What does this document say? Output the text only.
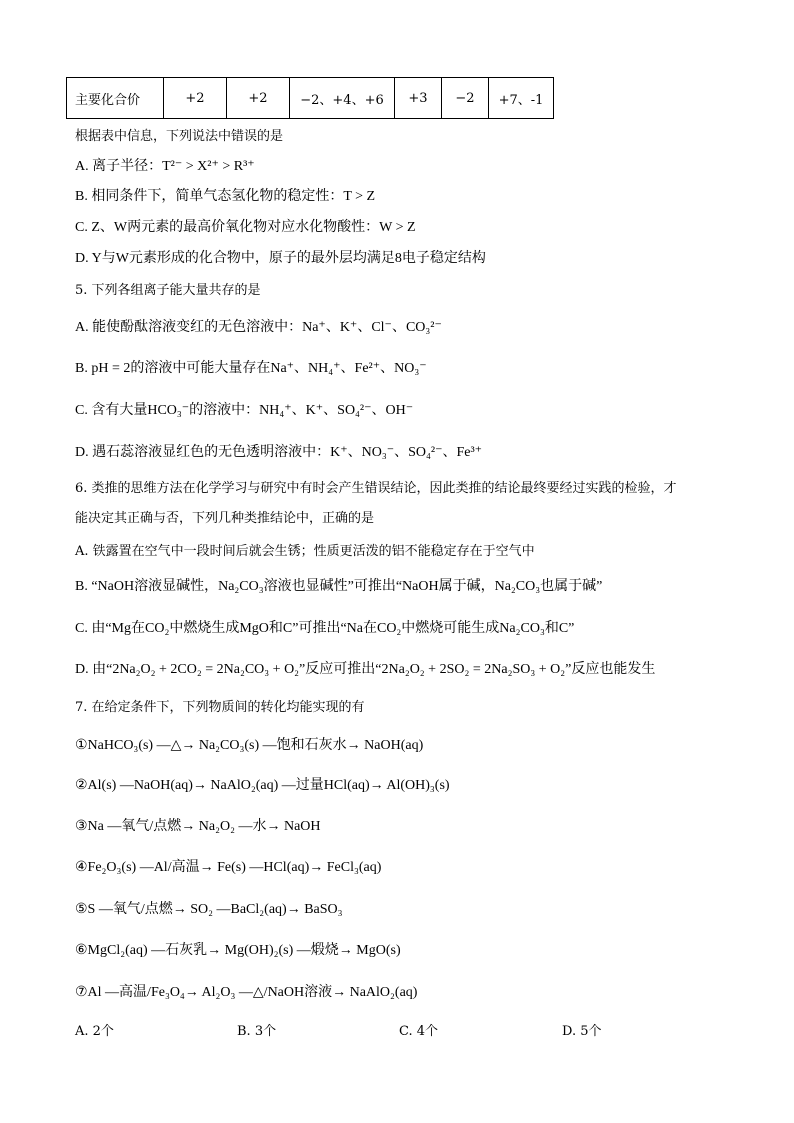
主要化合价	+2	+2	−2、+4、+6	+3	−2	+7、-1
根据表中信息，下列说法中错误的是
A. 离子半径：T²⁻ > X²⁺ > R³⁺
B. 相同条件下，简单气态氢化物的稳定性：T > Z
C. Z、W两元素的最高价氧化物对应水化物酸性：W > Z
D. Y与W元素形成的化合物中，原子的最外层均满足8电子稳定结构
5. 下列各组离子能大量共存的是
A. 能使酚酞溶液变红的无色溶液中：Na⁺、K⁺、Cl⁻、CO₃²⁻
B. pH = 2的溶液中可能大量存在Na⁺、NH₄⁺、Fe²⁺、NO₃⁻
C. 含有大量HCO₃⁻的溶液中：NH₄⁺、K⁺、SO₄²⁻、OH⁻
D. 遇石蕊溶液显红色的无色透明溶液中：K⁺、NO₃⁻、SO₄²⁻、Fe³⁺
6. 类推的思维方法在化学学习与研究中有时会产生错误结论，因此类推的结论最终要经过实践的检验，才
能决定其正确与否，下列几种类推结论中，正确的是
A. 铁露置在空气中一段时间后就会生锈；性质更活泼的铝不能稳定存在于空气中
B. “NaOH溶液显碱性，Na₂CO₃溶液也显碱性”可推出“NaOH属于碱，Na₂CO₃也属于碱”
C. 由“Mg在CO₂中燃烧生成MgO和C”可推出“Na在CO₂中燃烧可能生成Na₂CO₃和C”
D. 由“2Na₂O₂ + 2CO₂ = 2Na₂CO₃ + O₂”反应可推出“2Na₂O₂ + 2SO₂ = 2Na₂SO₃ + O₂”反应也能发生
7. 在给定条件下，下列物质间的转化均能实现的有
①NaHCO₃(s) —△→ Na₂CO₃(s) —饱和石灰水→ NaOH(aq)
②Al(s) —NaOH(aq)→ NaAlO₂(aq) —过量HCl(aq)→ Al(OH)₃(s)
③Na —氧气/点燃→ Na₂O₂ —水→ NaOH
④Fe₂O₃(s) —Al/高温→ Fe(s) —HCl(aq)→ FeCl₃(aq)
⑤S —氧气/点燃→ SO₂ —BaCl₂(aq)→ BaSO₃
⑥MgCl₂(aq) —石灰乳→ Mg(OH)₂(s) —煅烧→ MgO(s)
⑦Al —高温/Fe₃O₄→ Al₂O₃ —△/NaOH溶液→ NaAlO₂(aq)
A. 2个	B. 3个	C. 4个	D. 5个
